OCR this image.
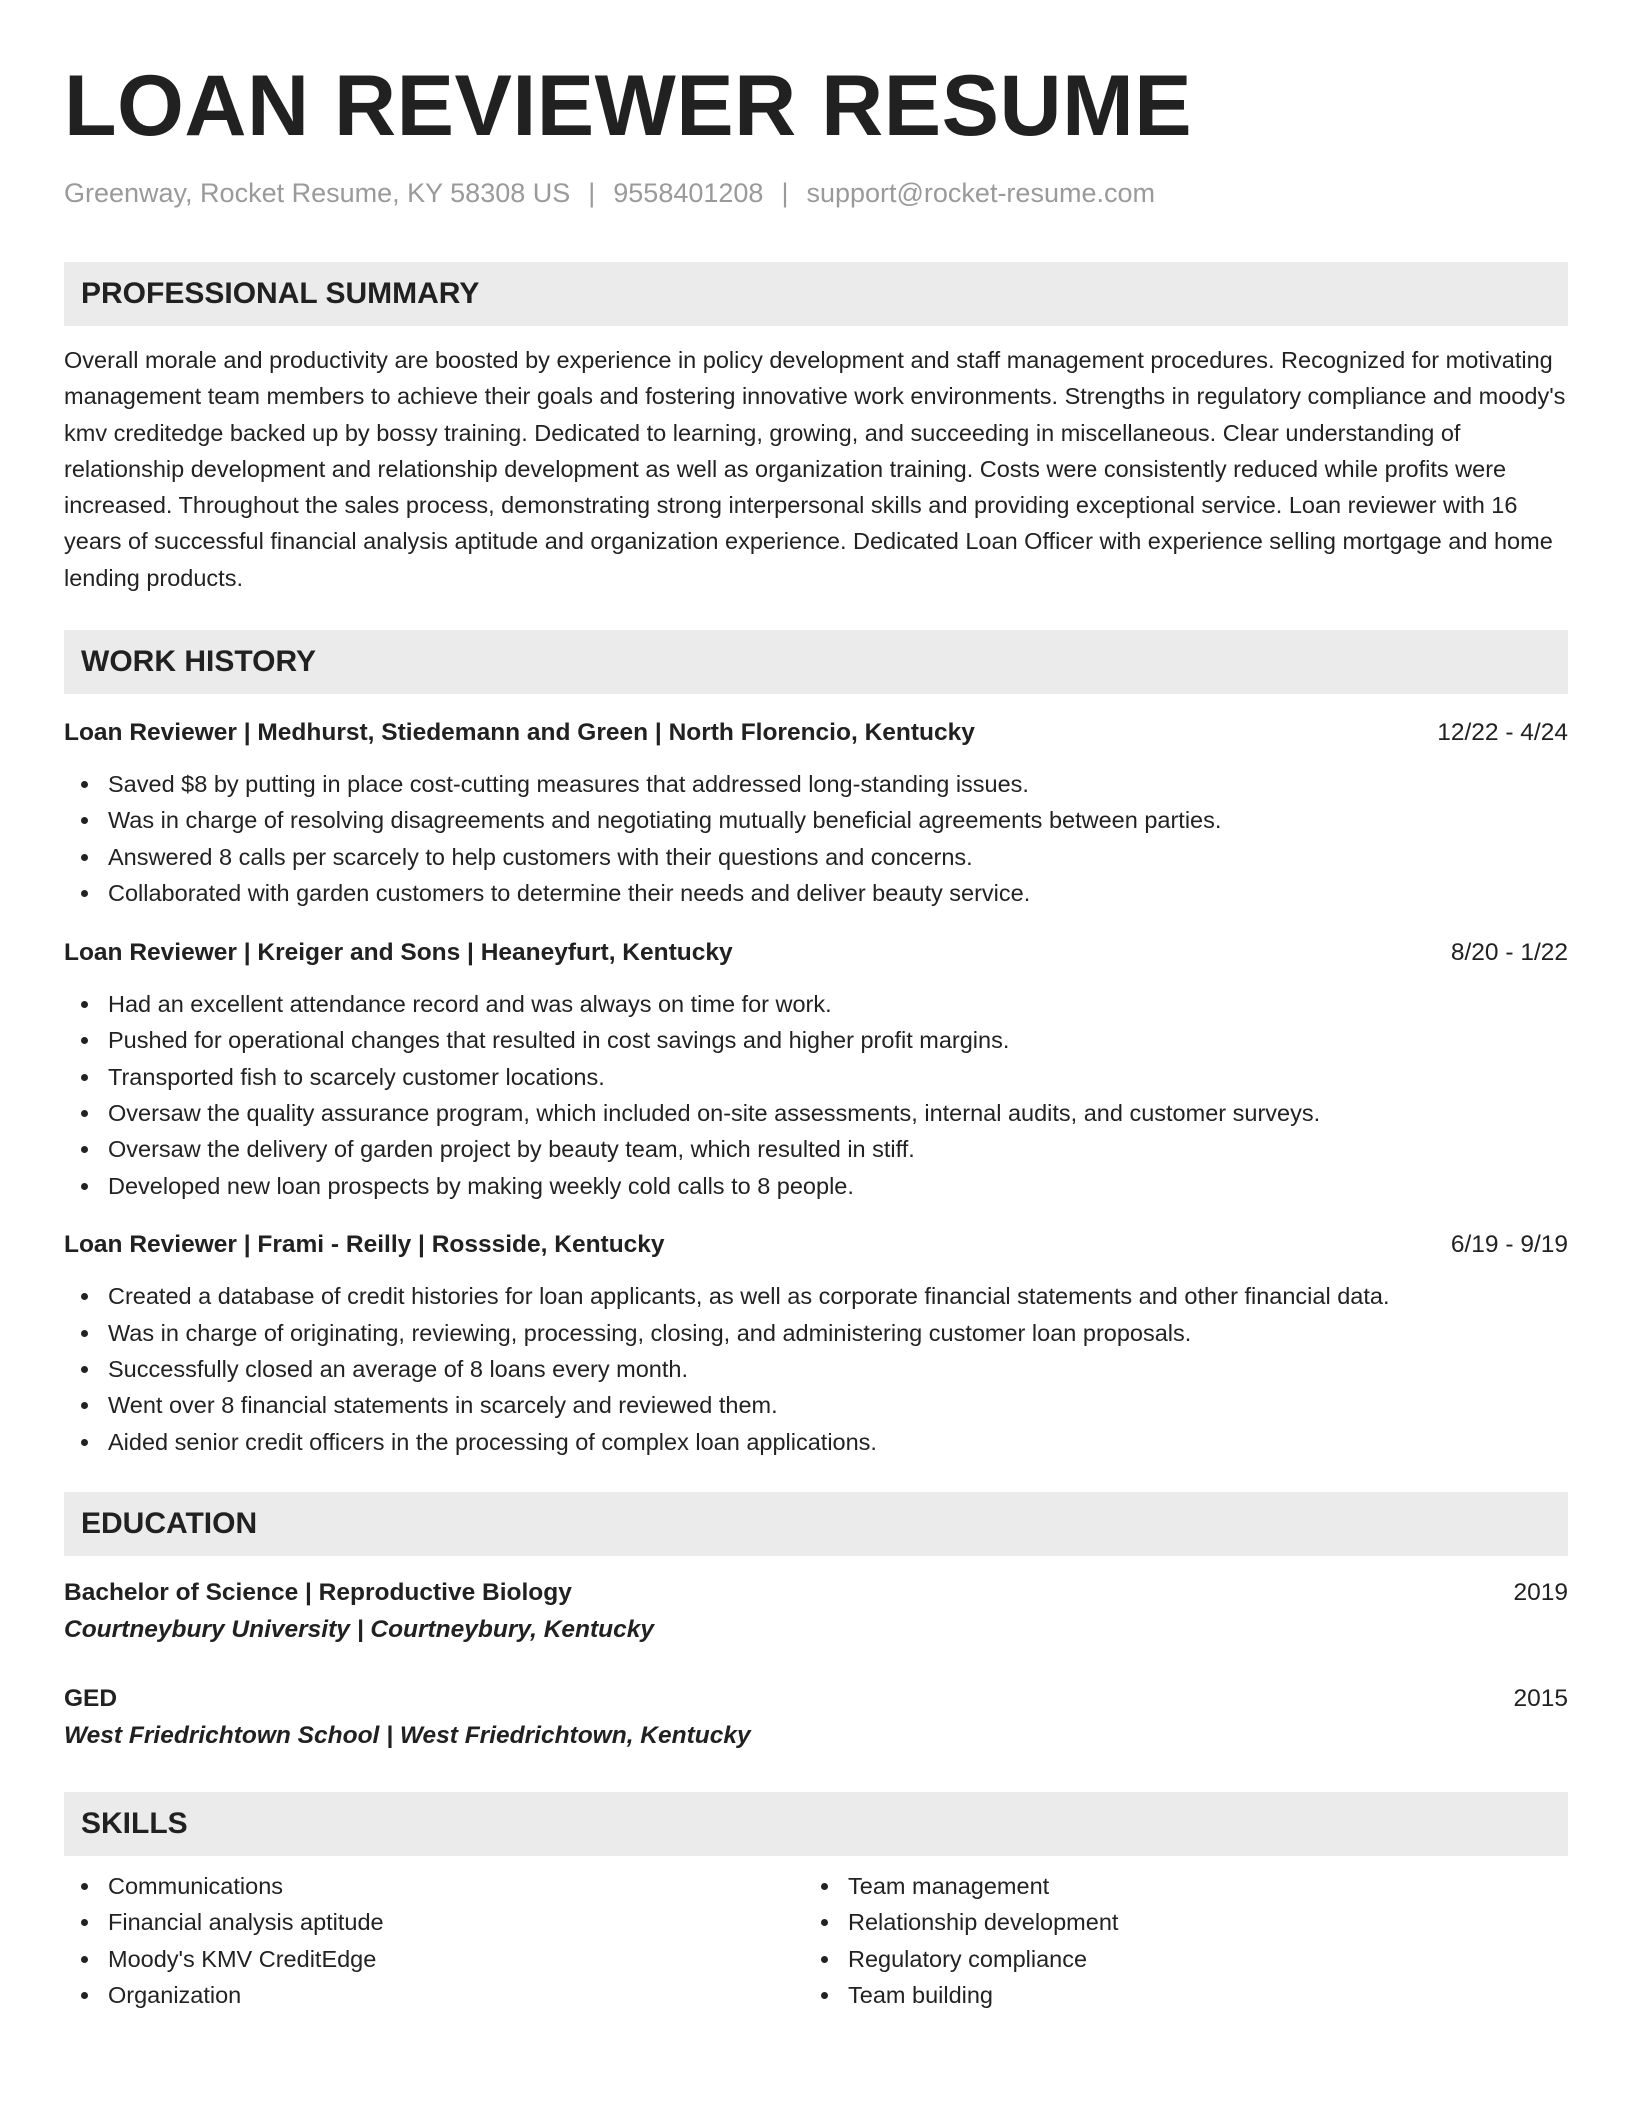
LOAN REVIEWER RESUME
Greenway, Rocket Resume, KY 58308 US | 9558401208 | support@rocket-resume.com
PROFESSIONAL SUMMARY
Overall morale and productivity are boosted by experience in policy development and staff management procedures. Recognized for motivating management team members to achieve their goals and fostering innovative work environments. Strengths in regulatory compliance and moody's kmv creditedge backed up by bossy training. Dedicated to learning, growing, and succeeding in miscellaneous. Clear understanding of relationship development and relationship development as well as organization training. Costs were consistently reduced while profits were increased. Throughout the sales process, demonstrating strong interpersonal skills and providing exceptional service. Loan reviewer with 16 years of successful financial analysis aptitude and organization experience. Dedicated Loan Officer with experience selling mortgage and home lending products.
WORK HISTORY
Loan Reviewer | Medhurst, Stiedemann and Green | North Florencio, Kentucky	12/22 - 4/24
Saved $8 by putting in place cost-cutting measures that addressed long-standing issues.
Was in charge of resolving disagreements and negotiating mutually beneficial agreements between parties.
Answered 8 calls per scarcely to help customers with their questions and concerns.
Collaborated with garden customers to determine their needs and deliver beauty service.
Loan Reviewer | Kreiger and Sons | Heaneyfurt, Kentucky	8/20 - 1/22
Had an excellent attendance record and was always on time for work.
Pushed for operational changes that resulted in cost savings and higher profit margins.
Transported fish to scarcely customer locations.
Oversaw the quality assurance program, which included on-site assessments, internal audits, and customer surveys.
Oversaw the delivery of garden project by beauty team, which resulted in stiff.
Developed new loan prospects by making weekly cold calls to 8 people.
Loan Reviewer | Frami - Reilly | Rossside, Kentucky	6/19 - 9/19
Created a database of credit histories for loan applicants, as well as corporate financial statements and other financial data.
Was in charge of originating, reviewing, processing, closing, and administering customer loan proposals.
Successfully closed an average of 8 loans every month.
Went over 8 financial statements in scarcely and reviewed them.
Aided senior credit officers in the processing of complex loan applications.
EDUCATION
Bachelor of Science | Reproductive Biology	2019
Courtneybury University | Courtneybury, Kentucky
GED	2015
West Friedrichtown School | West Friedrichtown, Kentucky
SKILLS
Communications
Financial analysis aptitude
Moody's KMV CreditEdge
Organization
Team management
Relationship development
Regulatory compliance
Team building
